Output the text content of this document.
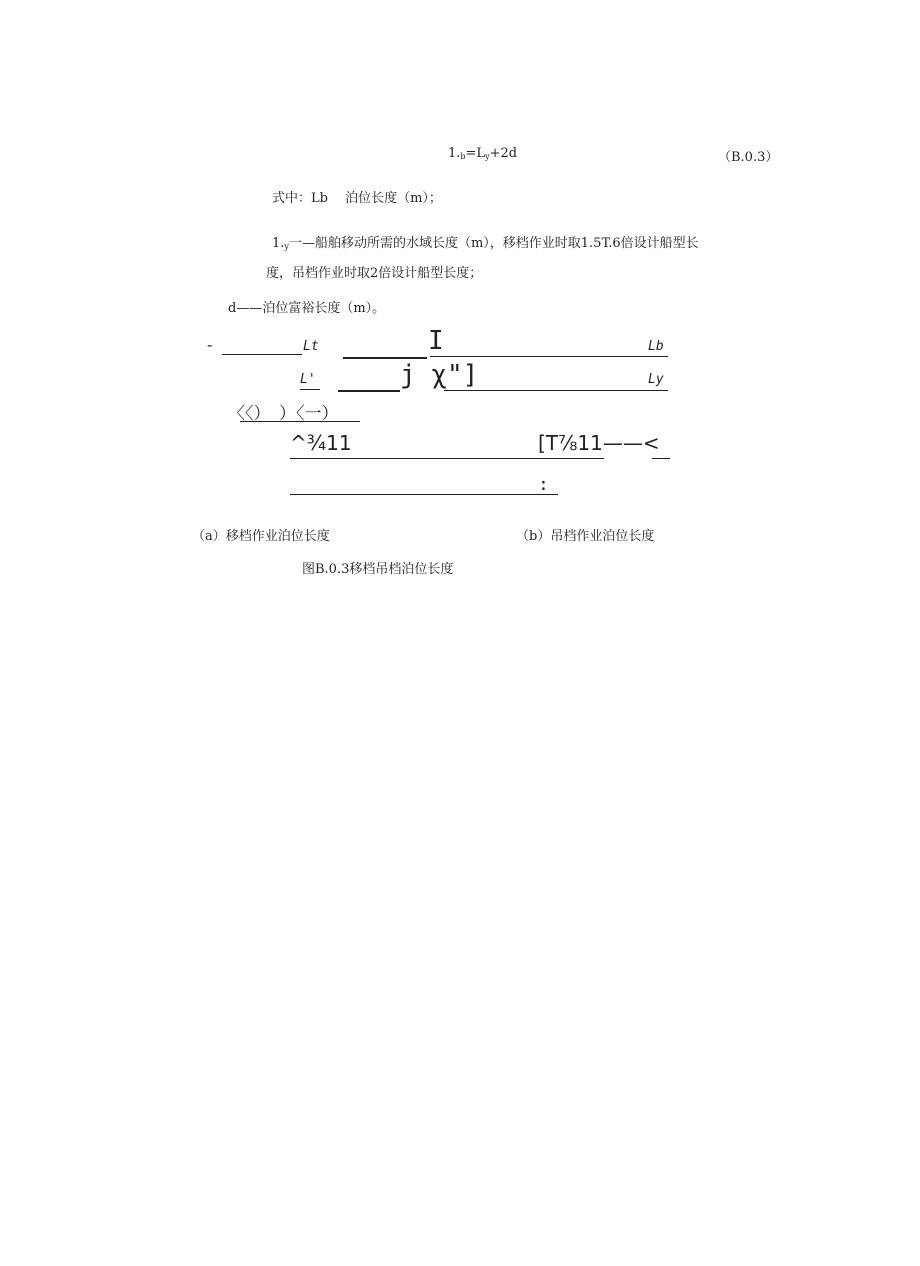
$1._b=L_y+2d$	（B.0.3）
式中：Lb　 泊位长度（m）；
$1._y$一—船舶移动所需的水域长度（m），移档作业时取1.5T.6倍设计船型长
度，吊档作业时取2倍设计船型长度；
d——泊位富裕长度（m）。
-	Lt	I	Lb
L'	j χ"]	Ly
〈〈）　）〈一）
^¾11	[T⅞11——<
:
（a）移档作业泊位长度	（b）吊档作业泊位长度
图B.0.3移档吊档泊位长度
